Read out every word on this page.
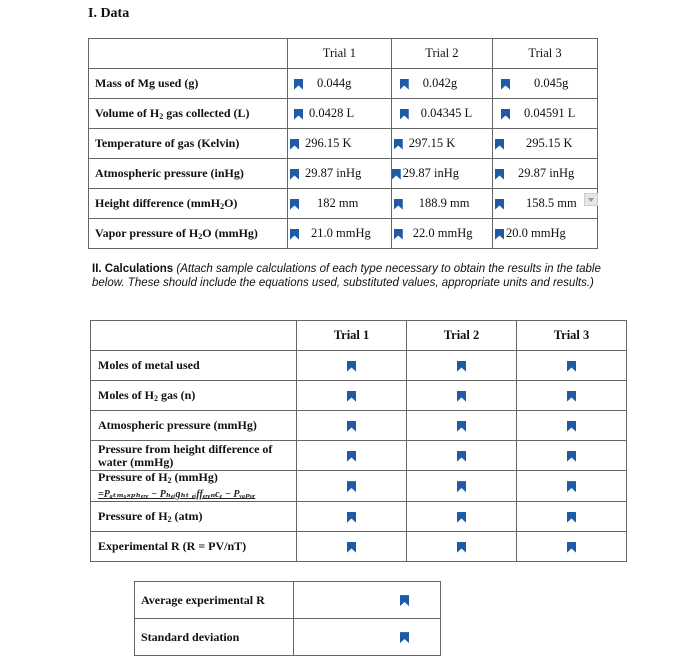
I. Data
	Trial 1	Trial 2	Trial 3
Mass of Mg used (g)	0.044g	0.042g	0.045g
Volume of $H_2$ gas collected (L)	0.0428 L	0.04345 L	0.04591 L
Temperature of gas (Kelvin)	296.15 K	297.15 K	295.15 K
Atmospheric pressure (inHg)	29.87 inHg	29.87 inHg	29.87 inHg
Height difference (mmH$_2$O)	182 mm	188.9 mm	158.5 mm
Vapor pressure of $H_2O$ (mmHg)	21.0 mmHg	22.0 mmHg	20.0 mmHg
II. Calculations (Attach sample calculations of each type necessary to obtain the results in the table below. These should include the equations used, substituted values, appropriate units and results.)
	Trial 1	Trial 2	Trial 3
Moles of metal used			
Moles of $H_2$ gas (n)			
Atmospheric pressure (mmHg)			
Pressure from height difference of water (mmHg)			
Pressure of $H_2$ (mmHg)
=Pₐₜₘₒₛₚₕₑᵣₑ − Pₕₑᵢgₕₜ ₑᵢffₑᵣₑₙcₑ − Pᵥₐₚₒᵣ			
Pressure of $H_2$ (atm)			
Experimental R (R = PV/nT)			
Average experimental R	
Standard deviation	
